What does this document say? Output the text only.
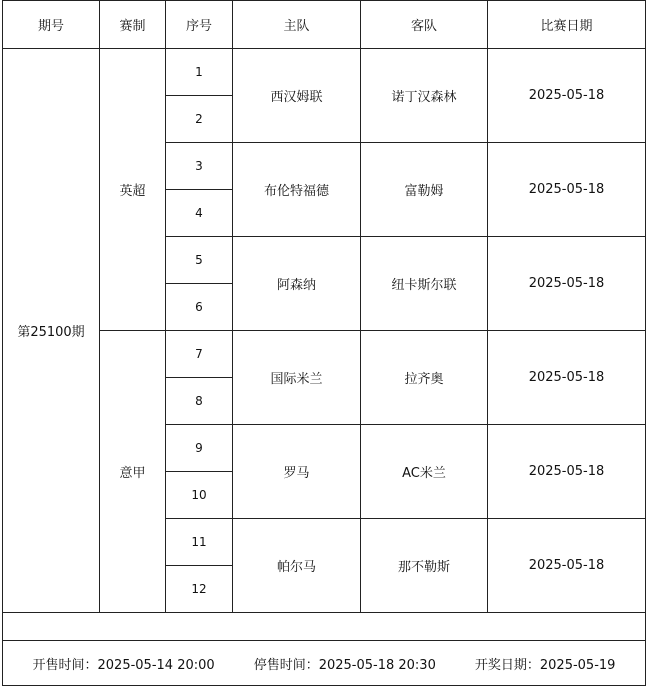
期号	赛制	序号	主队	客队	比赛日期
第25100期	英超	1	西汉姆联	诺丁汉森林	2025-05-18
		2			
		3	布伦特福德	富勒姆	2025-05-18
		4			
		5	阿森纳	纽卡斯尔联	2025-05-18
		6			
	意甲	7	国际米兰	拉齐奥	2025-05-18
		8			
		9	罗马	AC米兰	2025-05-18
		10			
		11	帕尔马	那不勒斯	2025-05-18
		12			

开售时间：2025-05-14 20:00 停售时间：2025-05-18 20:30 开奖日期：2025-05-19					
